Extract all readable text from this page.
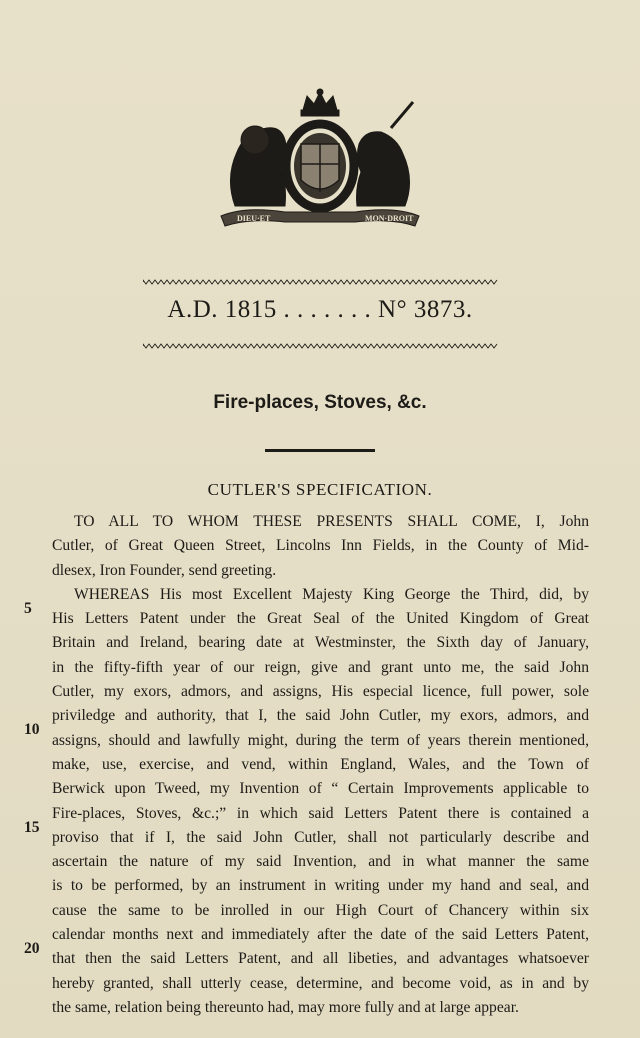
DIEU·ET	MON·DROIT
A.D. 1815 . . . . . . . N° 3873.
Fire-places, Stoves, &c.
CUTLER'S SPECIFICATION.
5
10
15
20
TO ALL TO WHOM THESE PRESENTS SHALL COME, I, John
Cutler, of Great Queen Street, Lincolns Inn Fields, in the County of Mid-
dlesex, Iron Founder, send greeting.
WHEREAS His most Excellent Majesty King George the Third, did, by
His Letters Patent under the Great Seal of the United Kingdom of Great
Britain and Ireland, bearing date at Westminster, the Sixth day of January,
in the fifty-fifth year of our reign, give and grant unto me, the said John
Cutler, my exors, admors, and assigns, His especial licence, full power, sole
priviledge and authority, that I, the said John Cutler, my exors, admors, and
assigns, should and lawfully might, during the term of years therein mentioned,
make, use, exercise, and vend, within England, Wales, and the Town of
Berwick upon Tweed, my Invention of “ Certain Improvements applicable to
Fire-places, Stoves, &c.;” in which said Letters Patent there is contained a
proviso that if I, the said John Cutler, shall not particularly describe and
ascertain the nature of my said Invention, and in what manner the same
is to be performed, by an instrument in writing under my hand and seal, and
cause the same to be inrolled in our High Court of Chancery within six
calendar months next and immediately after the date of the said Letters Patent,
that then the said Letters Patent, and all libeties, and advantages whatsoever
hereby granted, shall utterly cease, determine, and become void, as in and by
the same, relation being thereunto had, may more fully and at large appear.
